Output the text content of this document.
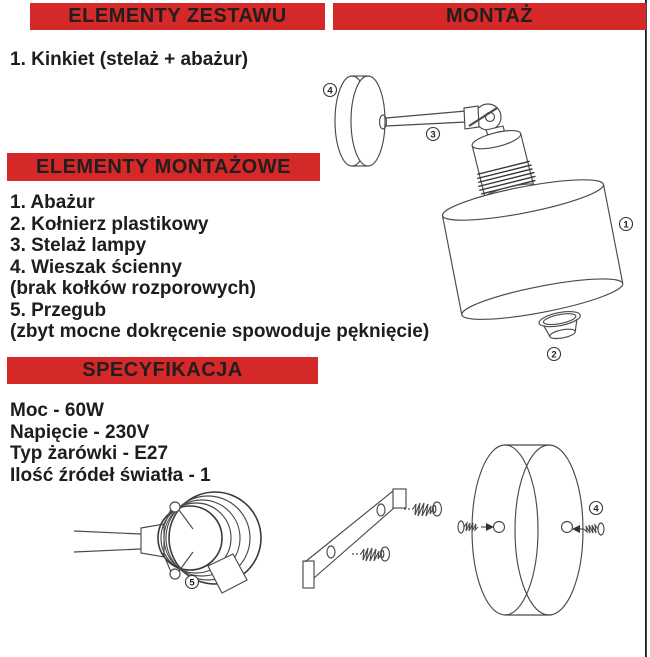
4
3
1
2
5
4
ELEMENTY ZESTAWU	MONTAŻ
1. Kinkiet (stelaż + abażur)
ELEMENTY MONTAŻOWE
1. Abażur
2. Kołnierz plastikowy
3. Stelaż lampy
4. Wieszak ścienny
(brak kołków rozporowych)
5. Przegub
(zbyt mocne dokręcenie spowoduje pęknięcie)
SPECYFIKACJA
Moc - 60W
Napięcie - 230V
Typ żarówki - E27
Ilość źródeł światła - 1
